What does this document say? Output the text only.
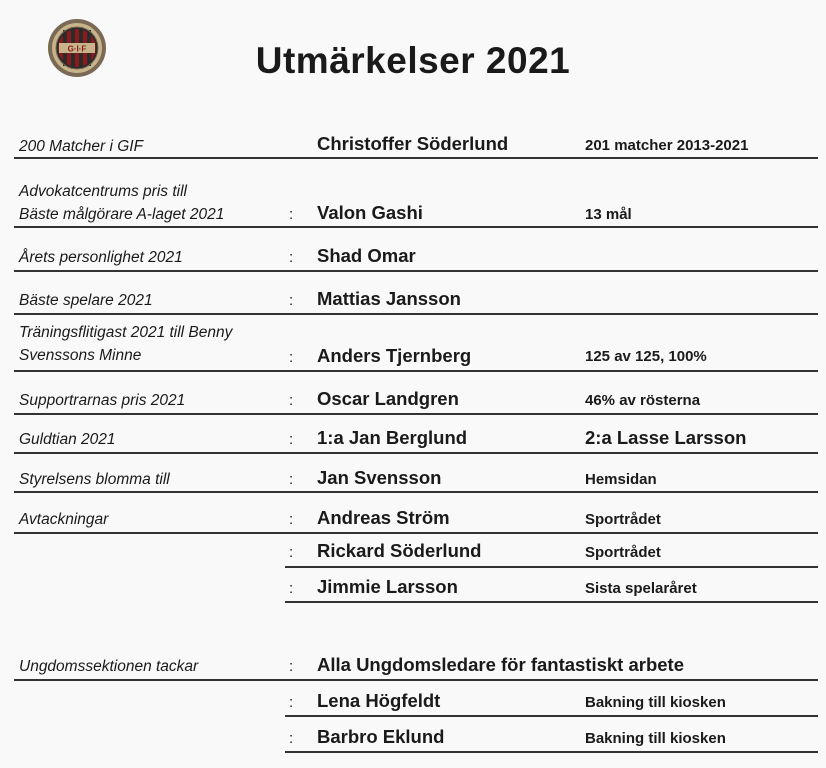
G·I·F	Utmärkelser 2021
200 Matcher i GIF	Christoffer Söderlund	201 matcher 2013-2021
Advokatcentrums pris till
Bäste målgörare A-laget 2021	: Valon Gashi	13 mål
Årets personlighet 2021	: Shad Omar
Bäste spelare 2021	: Mattias Jansson
Träningsflitigast 2021 till Benny
Svenssons Minne	: Anders Tjernberg	125 av 125, 100%
Supportrarnas pris 2021	: Oscar Landgren	46% av rösterna
Guldtian 2021	: 1:a Jan Berglund	2:a Lasse Larsson
Styrelsens blomma till	: Jan Svensson	Hemsidan
Avtackningar	: Andreas Ström	Sportrådet
: Rickard Söderlund	Sportrådet
: Jimmie Larsson	Sista spelaråret
Ungdomssektionen tackar	: Alla Ungdomsledare för fantastiskt arbete
: Lena Högfeldt	Bakning till kiosken
: Barbro Eklund	Bakning till kiosken
